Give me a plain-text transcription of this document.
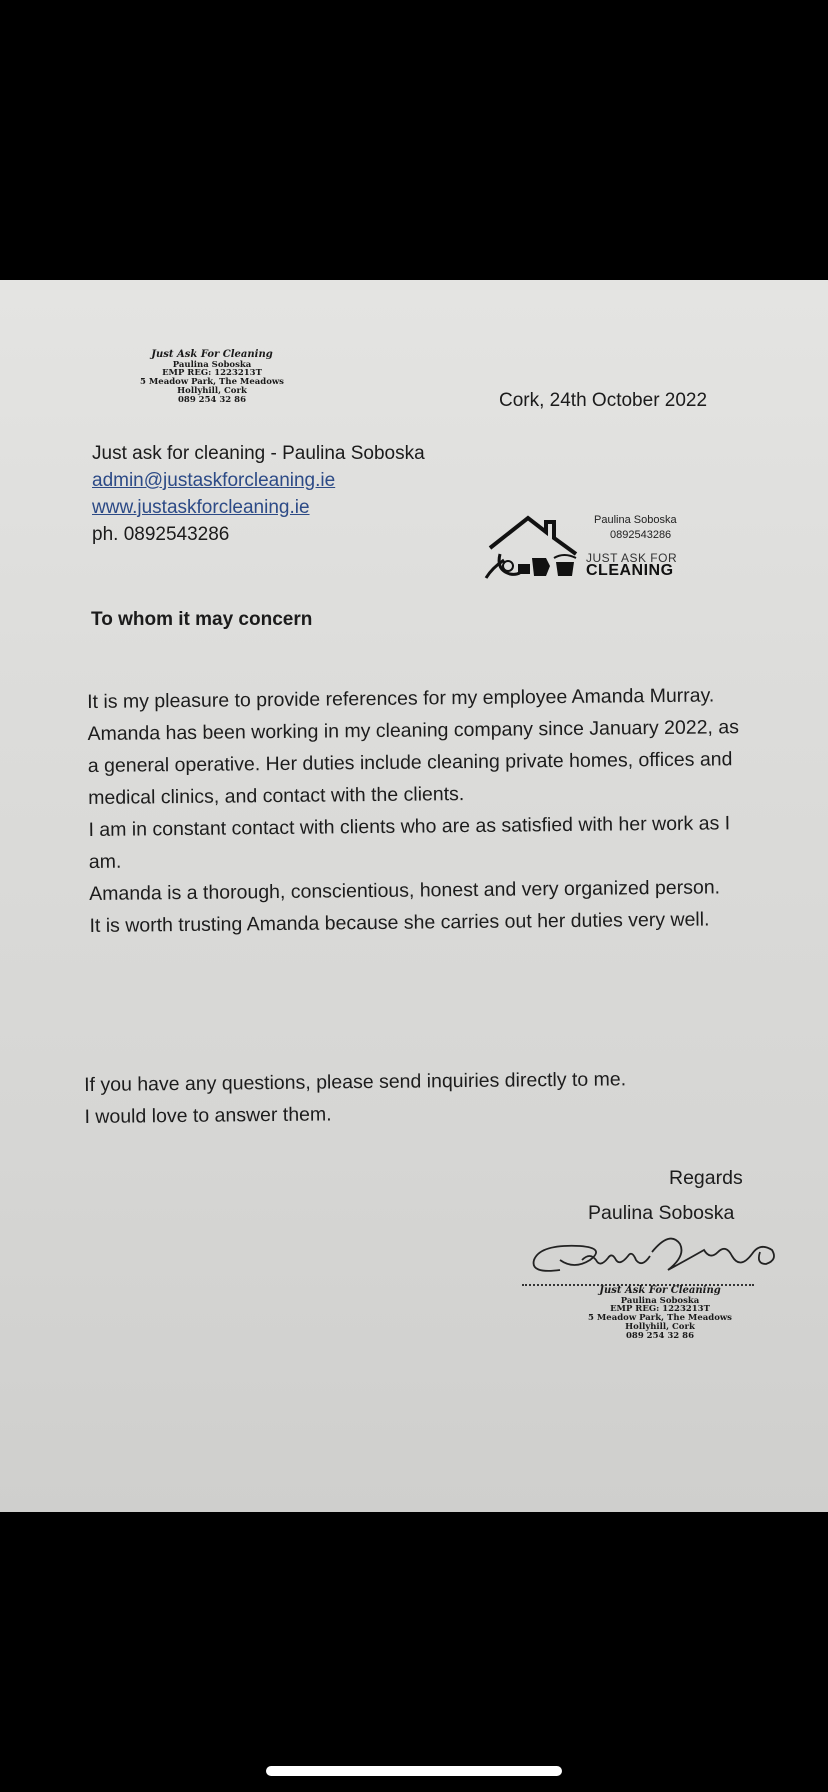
Just Ask For Cleaning
Paulina Soboska
EMP REG: 1223213T
5 Meadow Park, The Meadows
Hollyhill, Cork
089 254 32 86	Cork, 24th October 2022
Just ask for cleaning - Paulina Soboska
admin@justaskforcleaning.ie
www.justaskforcleaning.ie
ph. 0892543286
Paulina Soboska
0892543286
JUST ASK FOR
CLEANING
To whom it may concern

It is my pleasure to provide references for my employee Amanda Murray.

Amanda has been working in my cleaning company since January 2022, as a general operative. Her duties include cleaning private homes, offices and medical clinics, and contact with the clients.

I am in constant contact with clients who are as satisfied with her work as I am.

Amanda is a thorough, conscientious, honest and very organized person.

It is worth trusting Amanda because she carries out her duties very well.

If you have any questions, please send inquiries directly to me.

I would love to answer them.

Regards
Paulina Soboska
Just Ask For Cleaning
Paulina Soboska
EMP REG: 1223213T
5 Meadow Park, The Meadows
Hollyhill, Cork
089 254 32 86
